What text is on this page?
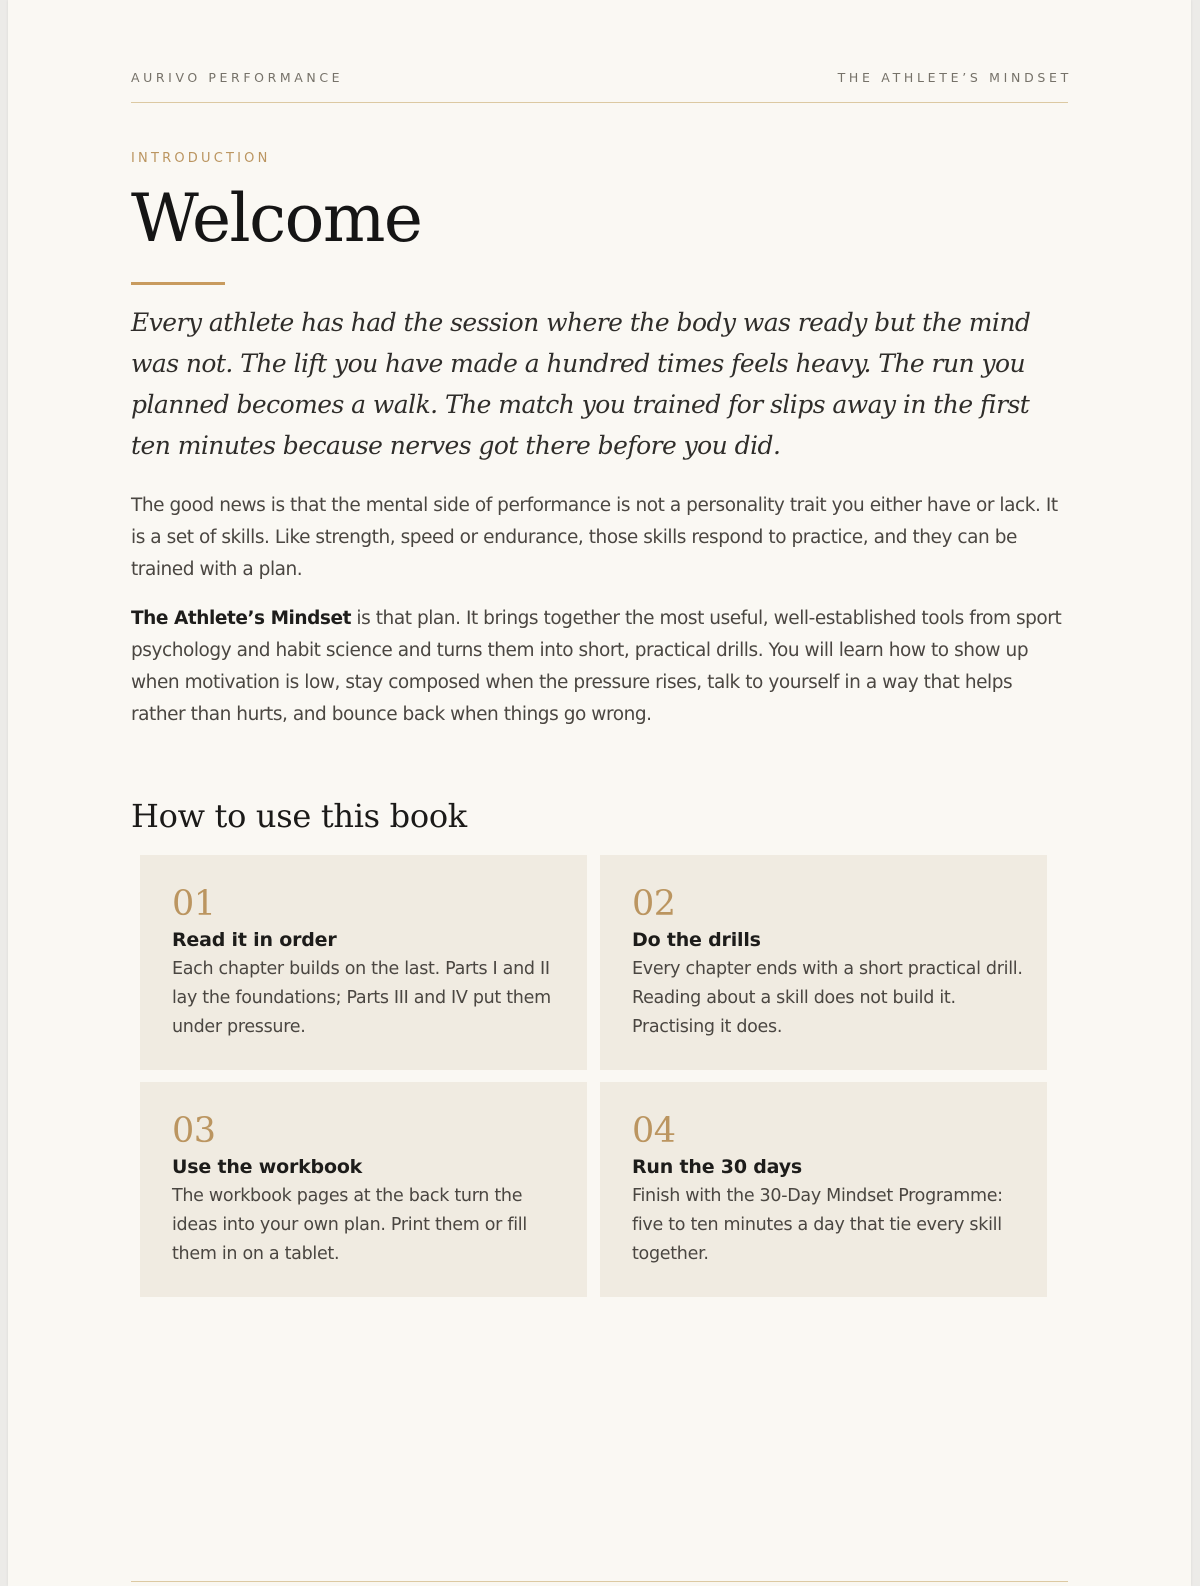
AURIVO PERFORMANCE	THE ATHLETE’S MINDSET
INTRODUCTION
Welcome

Every athlete has had the session where the body was ready but the mind was not. The lift you have made a hundred times feels heavy. The run you planned becomes a walk. The match you trained for slips away in the first ten minutes because nerves got there before you did.

The good news is that the mental side of performance is not a personality trait you either have or lack. It is a set of skills. Like strength, speed or endurance, those skills respond to practice, and they can be trained with a plan.

The Athlete’s Mindset is that plan. It brings together the most useful, well-established tools from sport psychology and habit science and turns them into short, practical drills. You will learn how to show up when motivation is low, stay composed when the pressure rises, talk to yourself in a way that helps rather than hurts, and bounce back when things go wrong.

How to use this book
01
Read it in order
Each chapter builds on the last. Parts I and II lay the foundations; Parts III and IV put them under pressure.
02
Do the drills
Every chapter ends with a short practical drill. Reading about a skill does not build it. Practising it does.
03
Use the workbook
The workbook pages at the back turn the ideas into your own plan. Print them or fill them in on a tablet.
04
Run the 30 days
Finish with the 30-Day Mindset Programme: five to ten minutes a day that tie every skill together.
